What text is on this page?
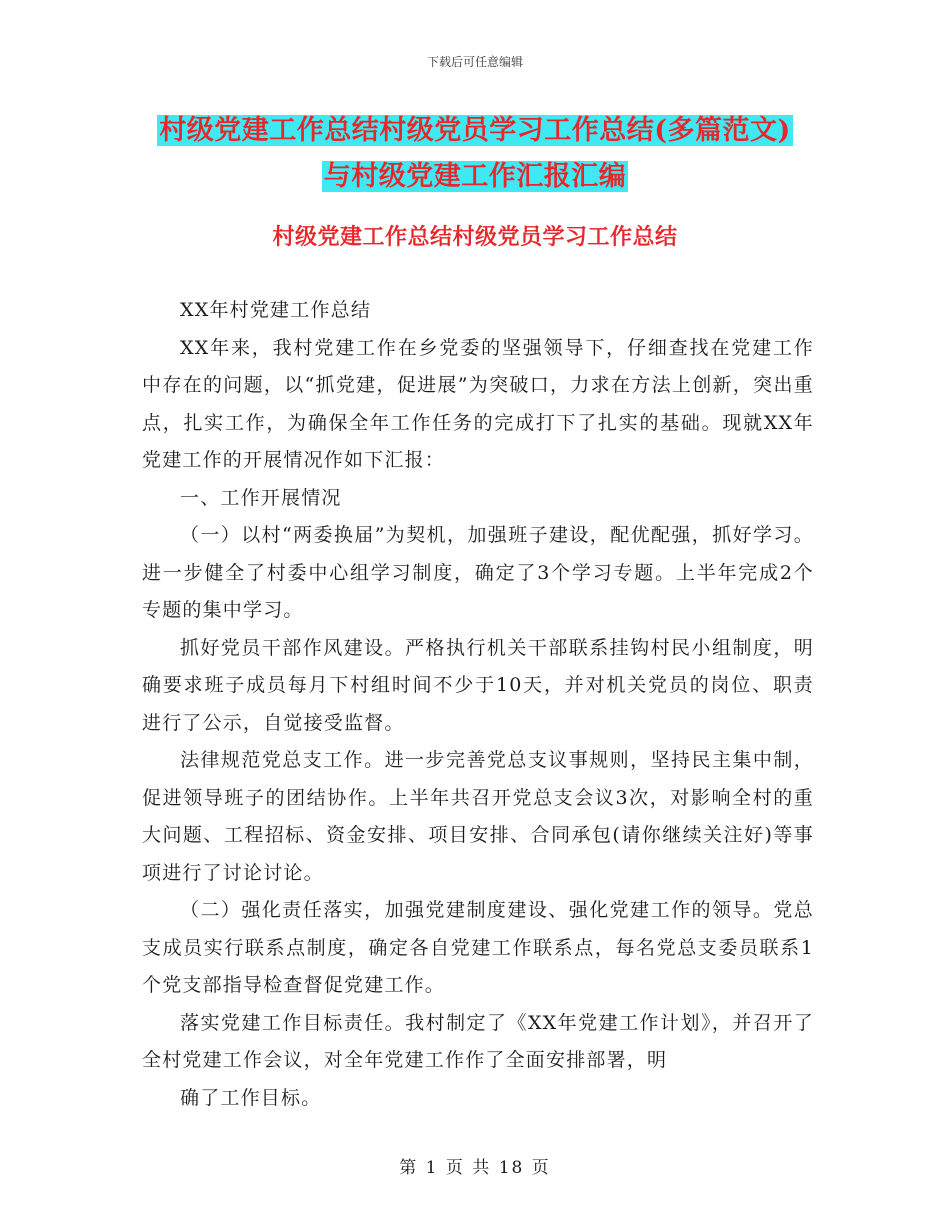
下载后可任意编辑
村级党建工作总结村级党员学习工作总结(多篇范文)
与村级党建工作汇报汇编
村级党建工作总结村级党员学习工作总结

XX年村党建工作总结

XX年来，我村党建工作在乡党委的坚强领导下，仔细查找在党建工作中存在的问题，以“抓党建，促进展”为突破口，力求在方法上创新，突出重点，扎实工作，为确保全年工作任务的完成打下了扎实的基础。现就XX年党建工作的开展情况作如下汇报：

一、工作开展情况

（一）以村“两委换届”为契机，加强班子建设，配优配强，抓好学习。进一步健全了村委中心组学习制度，确定了3个学习专题。上半年完成2个专题的集中学习。

抓好党员干部作风建设。严格执行机关干部联系挂钩村民小组制度，明确要求班子成员每月下村组时间不少于10天，并对机关党员的岗位、职责进行了公示，自觉接受监督。

法律规范党总支工作。进一步完善党总支议事规则，坚持民主集中制，促进领导班子的团结协作。上半年共召开党总支会议3次，对影响全村的重大问题、工程招标、资金安排、项目安排、合同承包(请你继续关注好)等事项进行了讨论讨论。

（二）强化责任落实，加强党建制度建设、强化党建工作的领导。党总支成员实行联系点制度，确定各自党建工作联系点，每名党总支委员联系1个党支部指导检查督促党建工作。

落实党建工作目标责任。我村制定了《XX年党建工作计划》，并召开了全村党建工作会议，对全年党建工作作了全面安排部署，明

确了工作目标。

第 1 页 共 18 页
